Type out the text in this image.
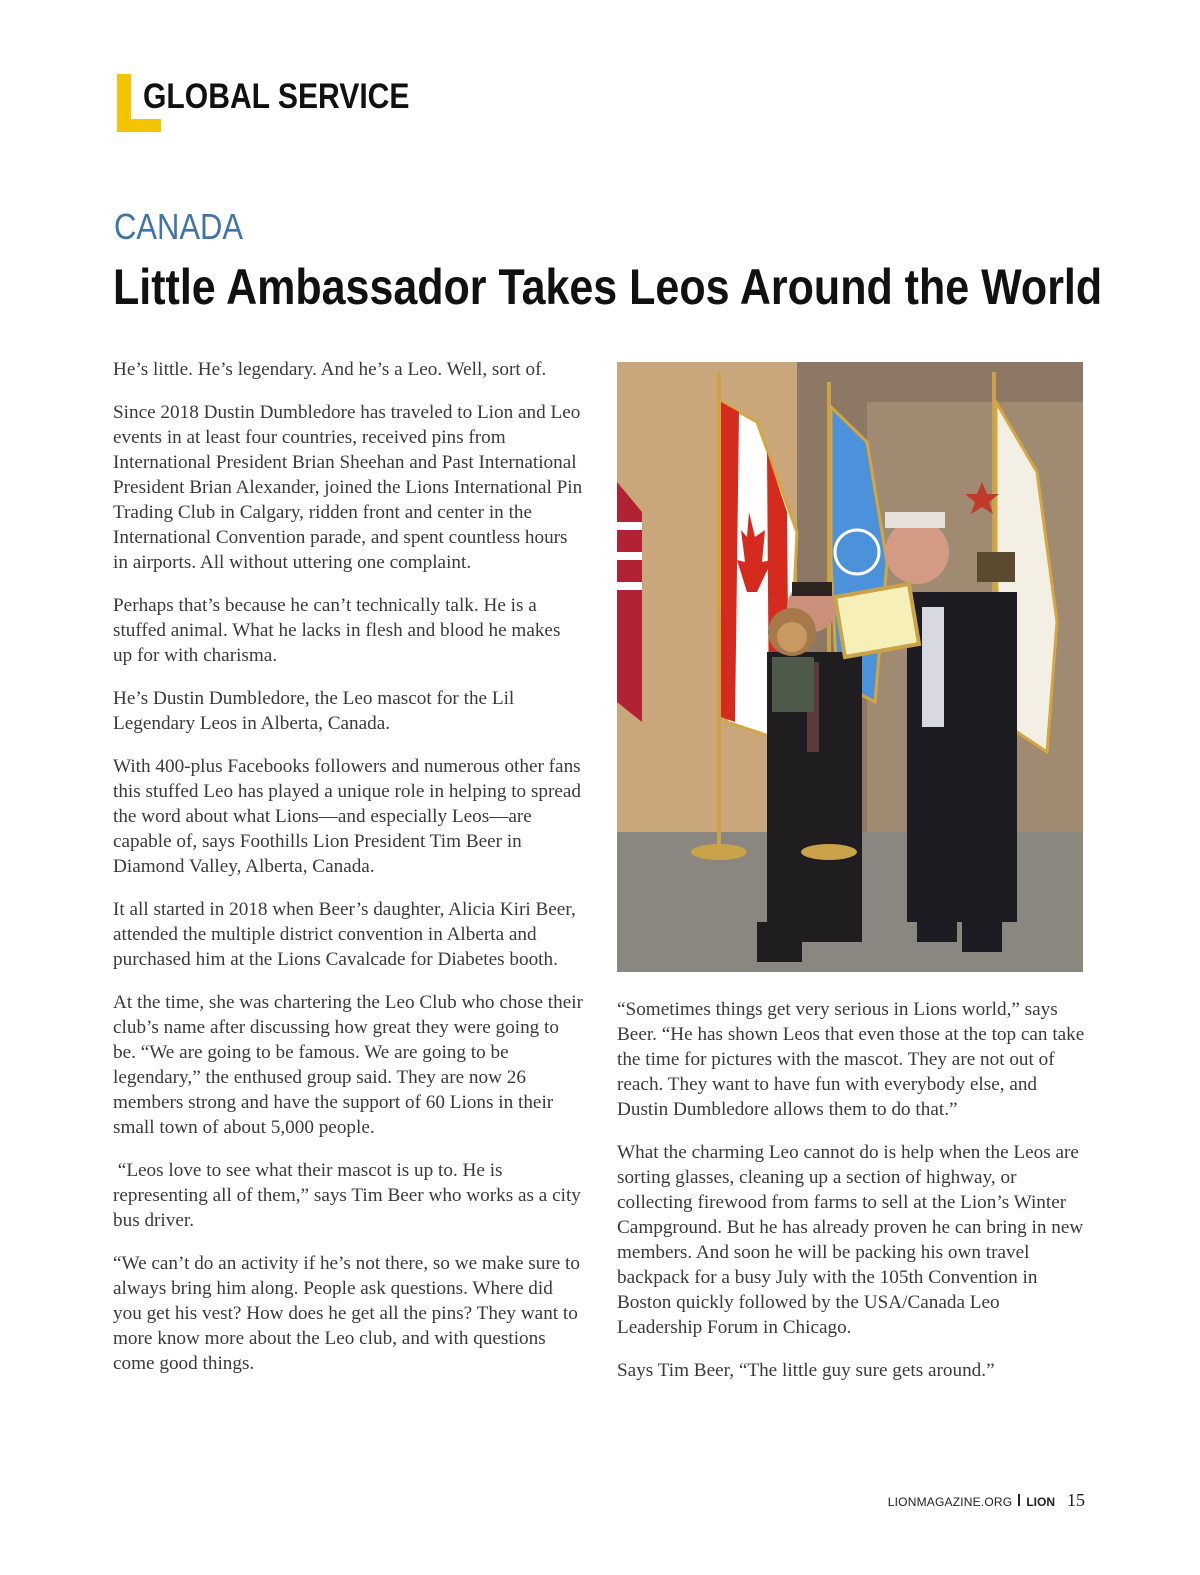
GLOBAL SERVICE
CANADA
Little Ambassador Takes Leos Around the World

He’s little. He’s legendary. And he’s a Leo. Well, sort of.

Since 2018 Dustin Dumbledore has traveled to Lion and Leo events in at least four countries, received pins from International President Brian Sheehan and Past International President Brian Alexander, joined the Lions International Pin Trading Club in Calgary, ridden front and center in the International Convention parade, and spent countless hours in airports. All without uttering one complaint.

Perhaps that’s because he can’t technically talk. He is a stuffed animal. What he lacks in flesh and blood he makes up for with charisma.

He’s Dustin Dumbledore, the Leo mascot for the Lil Legendary Leos in Alberta, Canada.

With 400-plus Facebooks followers and numerous other fans this stuffed Leo has played a unique role in helping to spread the word about what Lions—and especially Leos—are capable of, says Foothills Lion President Tim Beer in Diamond Valley, Alberta, Canada.

It all started in 2018 when Beer’s daughter, Alicia Kiri Beer, attended the multiple district convention in Alberta and purchased him at the Lions Cavalcade for Diabetes booth.

At the time, she was chartering the Leo Club who chose their club’s name after discussing how great they were going to be. “We are going to be famous. We are going to be legendary,” the enthused group said. They are now 26 members strong and have the support of 60 Lions in their small town of about 5,000 people.

“Leos love to see what their mascot is up to. He is representing all of them,” says Tim Beer who works as a city bus driver.

“We can’t do an activity if he’s not there, so we make sure to always bring him along. People ask questions. Where did you get his vest? How does he get all the pins? They want to more know more about the Leo club, and with questions come good things.

“Sometimes things get very serious in Lions world,” says Beer. “He has shown Leos that even those at the top can take the time for pictures with the mascot. They are not out of reach. They want to have fun with everybody else, and Dustin Dumbledore allows them to do that.”

What the charming Leo cannot do is help when the Leos are sorting glasses, cleaning up a section of highway, or collecting firewood from farms to sell at the Lion’s Winter Campground. But he has already proven he can bring in new members. And soon he will be packing his own travel backpack for a busy July with the 105th Convention in Boston quickly followed by the USA/Canada Leo Leadership Forum in Chicago.

Says Tim Beer, “The little guy sure gets around.”

LIONMAGAZINE.ORG LION 15
